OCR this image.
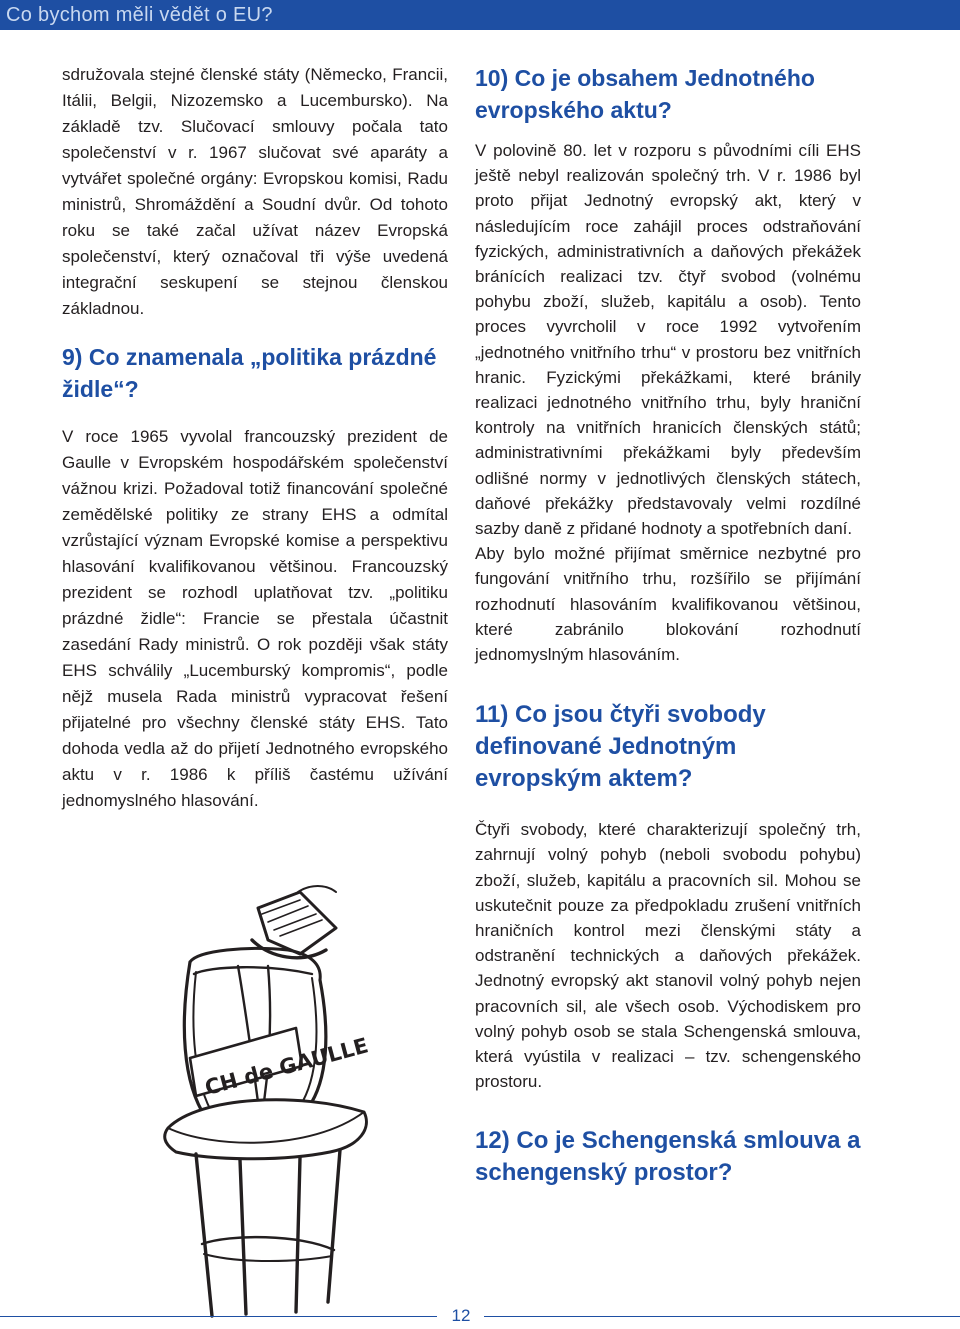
Co bychom měli vědět o EU?

sdružovala stejné členské státy (Německo, Francii, Itálii, Belgii, Nizozemsko a Lucembursko). Na základě tzv. Slučovací smlouvy počala tato společenství v r. 1967 slučovat své aparáty a vytvářet společné orgány: Evropskou komisi, Radu ministrů, Shromáždění a Soudní dvůr. Od tohoto roku se také začal užívat název Evropská společenství, který označoval tři výše uvedená integrační seskupení se stejnou členskou základnou.

9) Co znamenala „politika prázdné židle“?

V roce 1965 vyvolal francouzský prezident de Gaulle v Evropském hospodářském společenství vážnou krizi. Požadoval totiž financování společné zemědělské politiky ze strany EHS a odmítal vzrůstající význam Evropské komise a perspektivu hlasování kvalifikovanou většinou. Francouzský prezident se rozhodl uplatňovat tzv. „politiku prázdné židle“: Francie se přestala účastnit zasedání Rady ministrů. O rok později však státy EHS schválily „Lucemburský kompromis“, podle nějž musela Rada ministrů vypracovat řešení přijatelné pro všechny členské státy EHS. Tato dohoda vedla až do přijetí Jednotného evropského aktu v r. 1986 k příliš častému užívání jednomyslného hlasování.

CH de GAULLE
10) Co je obsahem Jednotného evropského aktu?

V polovině 80. let v rozporu s původními cíli EHS ještě nebyl realizován společný trh. V r. 1986 byl proto přijat Jednotný evropský akt, který v následujícím roce zahájil proces odstraňování fyzických, administrativních a daňových překážek bránících realizaci tzv. čtyř svobod (volnému pohybu zboží, služeb, kapitálu a osob). Tento proces vyvrcholil v roce 1992 vytvořením „jednotného vnitřního trhu“ v prostoru bez vnitřních hranic. Fyzickými překážkami, které bránily realizaci jednotného vnitřního trhu, byly hraniční kontroly na vnitřních hranicích členských států; administrativními překážkami byly především odlišné normy v jednotlivých členských státech, daňové překážky představovaly velmi rozdílné sazby daně z přidané hodnoty a spotřebních daní.

Aby bylo možné přijímat směrnice nezbytné pro fungování vnitřního trhu, rozšířilo se přijímání rozhodnutí hlasováním kvalifikovanou většinou, které zabránilo blokování rozhodnutí jednomyslným hlasováním.

11) Co jsou čtyři svobody definované Jednotným evropským aktem?

Čtyři svobody, které charakterizují společný trh, zahrnují volný pohyb (neboli svobodu pohybu) zboží, služeb, kapitálu a pracovních sil. Mohou se uskutečnit pouze za předpokladu zrušení vnitřních hraničních kontrol mezi členskými státy a odstranění technických a daňových překážek. Jednotný evropský akt stanovil volný pohyb nejen pracovních sil, ale všech osob. Východiskem pro volný pohyb osob se stala Schengenská smlouva, která vyústila v realizaci – tzv. schengenského prostoru.

12) Co je Schengenská smlouva a schengenský prostor?
12
